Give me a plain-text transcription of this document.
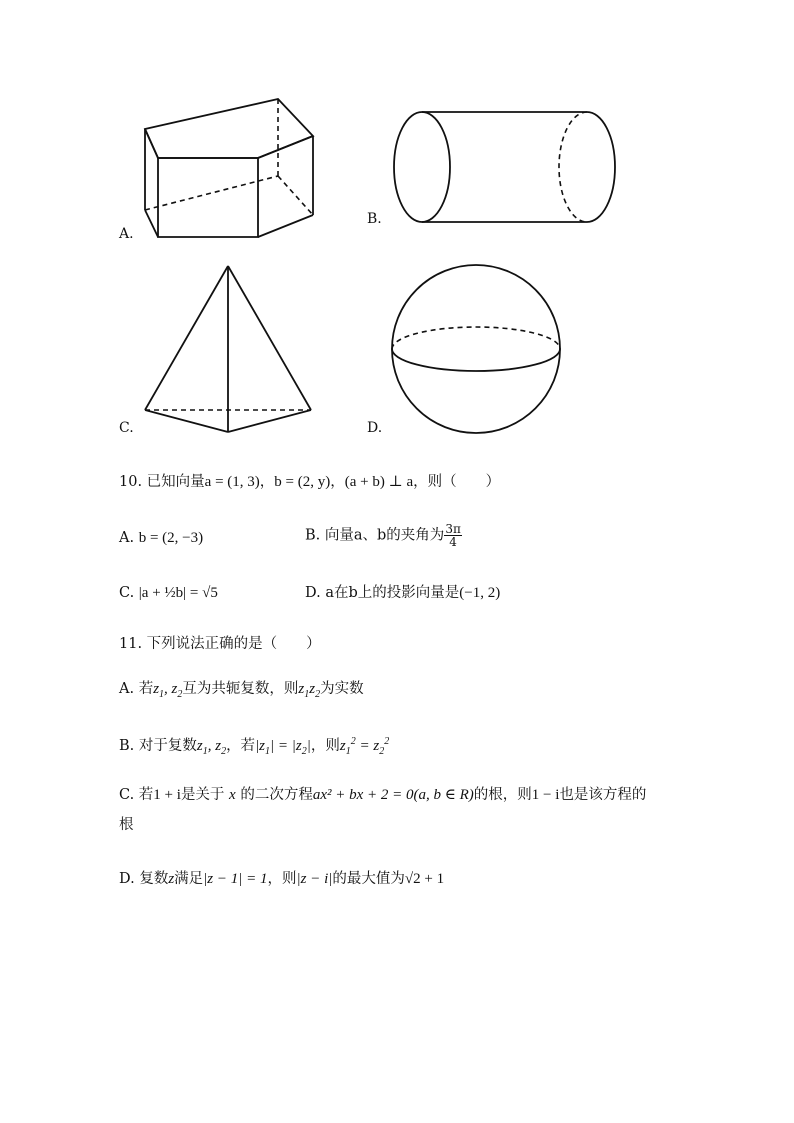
A.
B.
C.	D.
10. 已知向量a = (1, 3)，b = (2, y)，(a + b) ⊥ a，则（　　）
A. b = (2, −3)	B. 向量a、b的夹角为 $\frac{3\pi}{4}$
C. |a + ½b| = √5	D. a在b上的投影向量是(−1, 2)
11. 下列说法正确的是（　　）
A. 若$z_1$, $z_2$互为共轭复数，则$z_1z_2$为实数
B. 对于复数$z_1$, $z_2$，若$|z_1| = |z_2|$，则$z_1^2 = z_2^2$
C. 若1 + i是关于 x 的二次方程ax² + bx + 2 = 0(a, b ∈ R)的根，则1 − i也是该方程的
根
D. 复数z满足|z − 1| = 1，则|z − i|的最大值为√2 + 1
